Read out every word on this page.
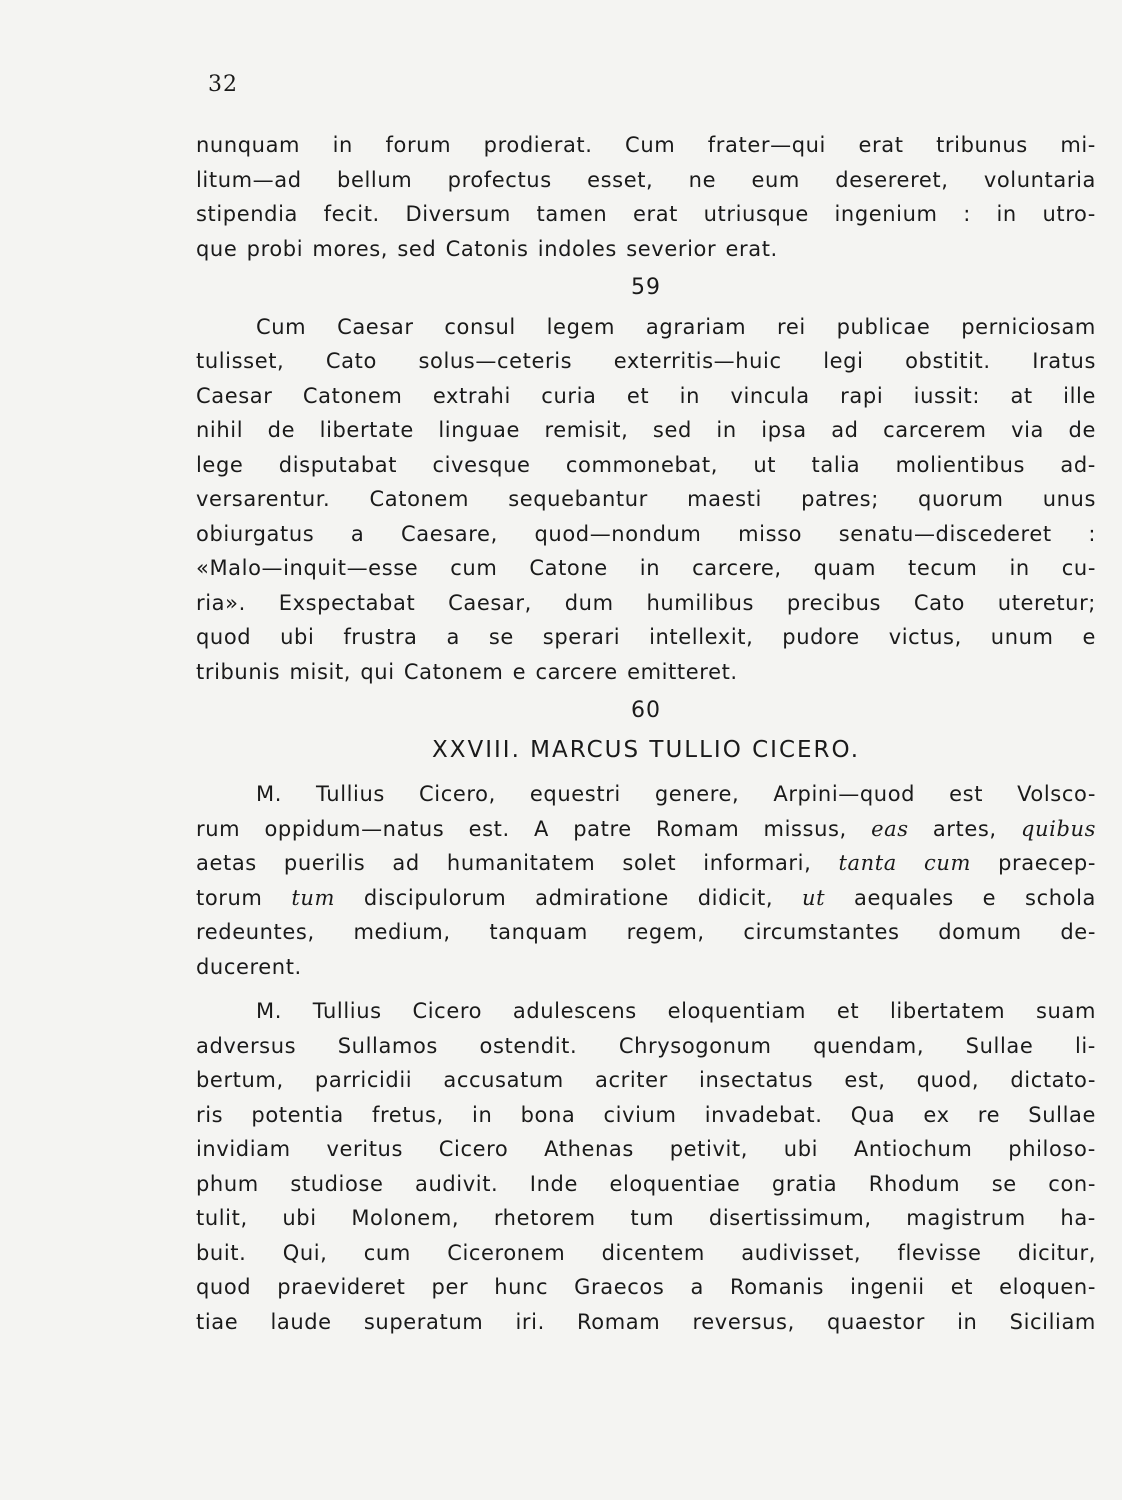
32
nunquam in forum prodierat. Cum frater—qui erat tribunus mi-
litum—ad bellum profectus esset, ne eum desereret, voluntaria
stipendia fecit. Diversum tamen erat utriusque ingenium : in utro-
que probi mores, sed Catonis indoles severior erat.
59
Cum Caesar consul legem agrariam rei publicae perniciosam
tulisset, Cato solus—ceteris exterritis—huic legi obstitit. Iratus
Caesar Catonem extrahi curia et in vincula rapi iussit: at ille
nihil de libertate linguae remisit, sed in ipsa ad carcerem via de
lege disputabat civesque commonebat, ut talia molientibus ad-
versarentur. Catonem sequebantur maesti patres; quorum unus
obiurgatus a Caesare, quod—nondum misso senatu—discederet :
«Malo—inquit—esse cum Catone in carcere, quam tecum in cu-
ria». Exspectabat Caesar, dum humilibus precibus Cato uteretur;
quod ubi frustra a se sperari intellexit, pudore victus, unum e
tribunis misit, qui Catonem e carcere emitteret.
60
XXVIII. MARCUS TULLIO CICERO.
M. Tullius Cicero, equestri genere, Arpini—quod est Volsco-
rum oppidum—natus est. A patre Romam missus, eas artes, quibus
aetas puerilis ad humanitatem solet informari, tanta cum praecep-
torum tum discipulorum admiratione didicit, ut aequales e schola
redeuntes, medium, tanquam regem, circumstantes domum de-
ducerent.
M. Tullius Cicero adulescens eloquentiam et libertatem suam
adversus Sullamos ostendit. Chrysogonum quendam, Sullae li-
bertum, parricidii accusatum acriter insectatus est, quod, dictato-
ris potentia fretus, in bona civium invadebat. Qua ex re Sullae
invidiam veritus Cicero Athenas petivit, ubi Antiochum philoso-
phum studiose audivit. Inde eloquentiae gratia Rhodum se con-
tulit, ubi Molonem, rhetorem tum disertissimum, magistrum ha-
buit. Qui, cum Ciceronem dicentem audivisset, flevisse dicitur,
quod praevideret per hunc Graecos a Romanis ingenii et eloquen-
tiae laude superatum iri. Romam reversus, quaestor in Siciliam
